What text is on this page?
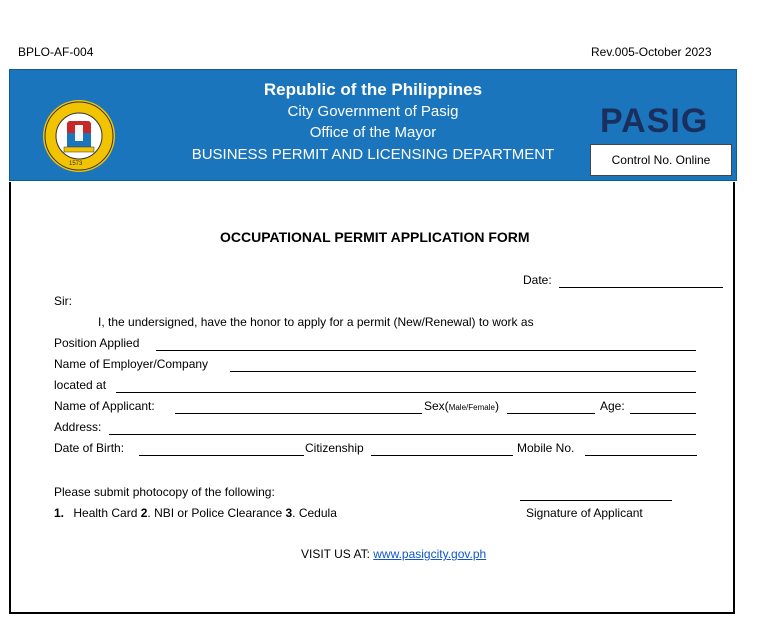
BPLO-AF-004	Rev.005-October 2023
1573
Republic of the Philippines
City Government of Pasig
Office of the Mayor
BUSINESS PERMIT AND LICENSING DEPARTMENT
PASIG
Control No. Online
OCCUPATIONAL PERMIT APPLICATION FORM
Date:
Sir:
I, the undersigned, have the honor to apply for a permit (New/Renewal) to work as
Position Applied
Name of Employer/Company
located at
Name of Applicant:	Sex(Male/Female)	Age:
Address:
Date of Birth:	Citizenship	Mobile No.
Please submit photocopy of the following:
1. Health Card 2. NBI or Police Clearance 3. Cedula	Signature of Applicant
VISIT US AT: www.pasigcity.gov.ph
